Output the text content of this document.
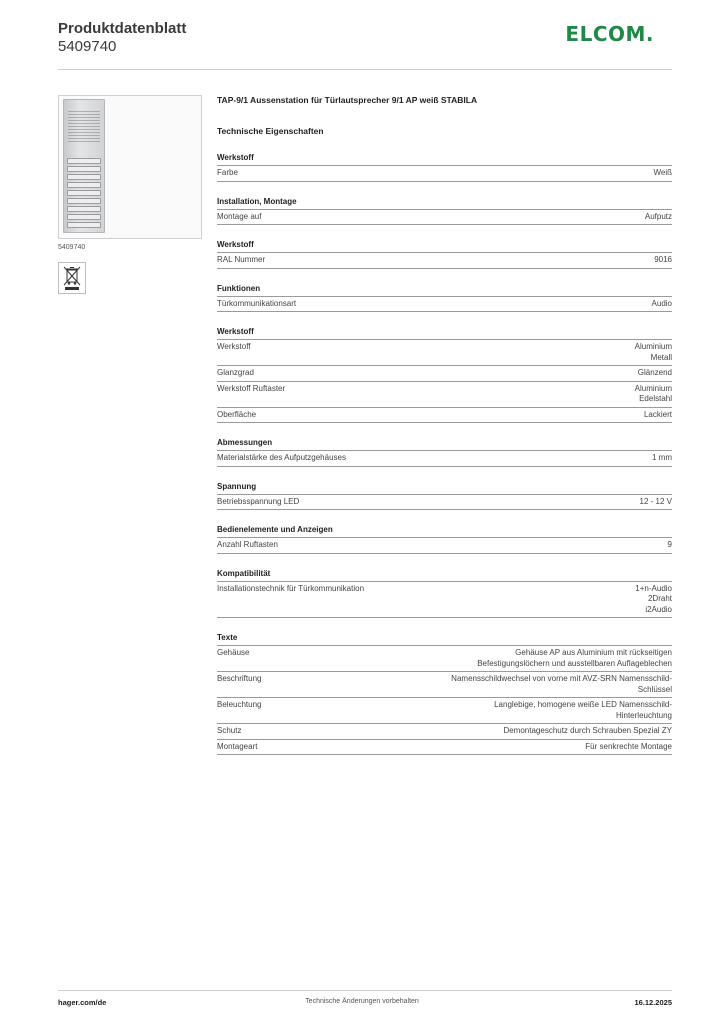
Produktdatenblatt
5409740
ELCOM.
5409740
TAP-9/1 Aussenstation für Türlautsprecher 9/1 AP weiß STABILA
Technische Eigenschaften
Werkstoff
Farbe	Weiß
Installation, Montage
Montage auf	Aufputz
Werkstoff
RAL Nummer	9016
Funktionen
Türkommunikationsart	Audio
Werkstoff
Werkstoff	Aluminium
Metall
Glanzgrad	Glänzend
Werkstoff Ruftaster	Aluminium
Edelstahl
Oberfläche	Lackiert
Abmessungen
Materialstärke des Aufputzgehäuses	1 mm
Spannung
Betriebsspannung LED	12 - 12 V
Bedienelemente und Anzeigen
Anzahl Ruftasten	9
Kompatibilität
Installationstechnik für Türkommunikation	1+n-Audio
2Draht
i2Audio
Texte
Gehäuse	Gehäuse AP aus Aluminium mit rückseitigen
Befestigungslöchern und ausstellbaren Auflageblechen
Beschriftung	Namensschildwechsel von vorne mit AVZ-SRN Namensschild-
Schlüssel
Beleuchtung	Langlebige, homogene weiße LED Namensschild-
Hinterleuchtung
Schutz	Demontageschutz durch Schrauben Spezial ZY
Montageart	Für senkrechte Montage
hager.com/de	Technische Änderungen vorbehalten	16.12.2025
